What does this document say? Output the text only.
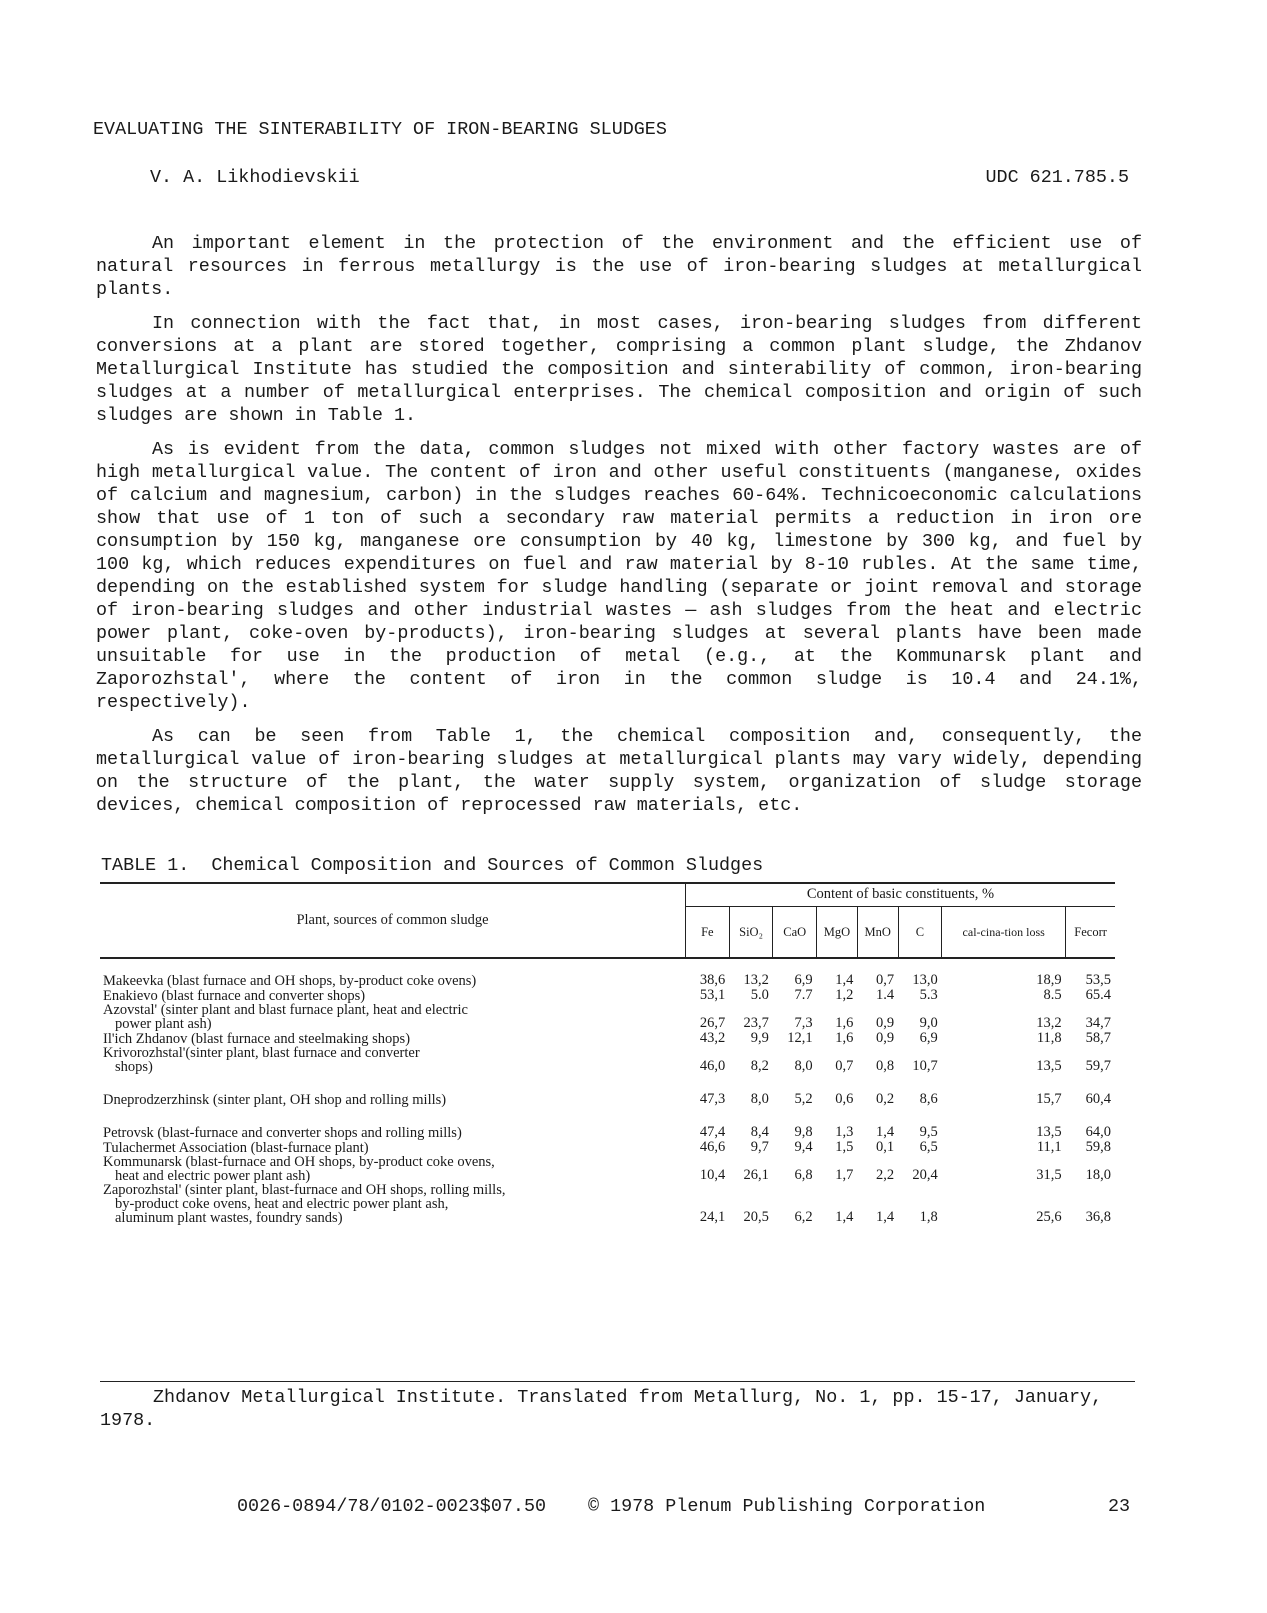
EVALUATING THE SINTERABILITY OF IRON-BEARING SLUDGES
V. A. Likhodievskii	UDC 621.785.5

An important element in the protection of the environment and the efficient use of natural resources in ferrous metallurgy is the use of iron-bearing sludges at metallurgical plants.

In connection with the fact that, in most cases, iron-bearing sludges from different conversions at a plant are stored together, comprising a common plant sludge, the Zhdanov Metallurgical Institute has studied the composition and sinterability of common, iron-bearing sludges at a number of metallurgical enterprises. The chemical composition and origin of such sludges are shown in Table 1.

As is evident from the data, common sludges not mixed with other factory wastes are of high metallurgical value. The content of iron and other useful constituents (manganese, oxides of calcium and magnesium, carbon) in the sludges reaches 60-64%. Technicoeconomic calculations show that use of 1 ton of such a secondary raw material permits a reduction in iron ore consumption by 150 kg, manganese ore consumption by 40 kg, limestone by 300 kg, and fuel by 100 kg, which reduces expenditures on fuel and raw material by 8-10 rubles. At the same time, depending on the established system for sludge handling (separate or joint removal and storage of iron-bearing sludges and other industrial wastes — ash sludges from the heat and electric power plant, coke-oven by-products), iron-bearing sludges at several plants have been made unsuitable for use in the production of metal (e.g., at the Kommunarsk plant and Zaporozhstal', where the content of iron in the common sludge is 10.4 and 24.1%, respectively).

As can be seen from Table 1, the chemical composition and, consequently, the metallurgical value of iron-bearing sludges at metallurgical plants may vary widely, depending on the structure of the plant, the water supply system, organization of sludge storage devices, chemical composition of reprocessed raw materials, etc.

TABLE 1.  Chemical Composition and Sources of Common Sludges
Plant, sources of common sludge	Content of basic constituents, %							
	Fe	SiO₂	CaO	MgO	MnO	C	cal-cina-tion loss	Fecorr

Makeevka (blast furnace and OH shops, by-product coke ovens)	38,6	13,2	6,9	1,4	0,7	13,0	18,9	53,5

Enakievo (blast furnace and converter shops)	53,1	5.0	7.7	1,2	1.4	5.3	8.5	65.4

Azovstal' (sinter plant and blast furnace plant, heat and electric
power plant ash)	26,7	23,7	7,3	1,6	0,9	9,0	13,2	34,7

Il'ich Zhdanov (blast furnace and steelmaking shops)	43,2	9,9	12,1	1,6	0,9	6,9	11,8	58,7

Krivorozhstal'(sinter plant, blast furnace and converter
shops)	46,0	8,2	8,0	0,7	0,8	10,7	13,5	59,7

Dneprodzerzhinsk (sinter plant, OH shop and rolling mills)	47,3	8,0	5,2	0,6	0,2	8,6	15,7	60,4

Petrovsk (blast-furnace and converter shops and rolling mills)	47,4	8,4	9,8	1,3	1,4	9,5	13,5	64,0

Tulachermet Association (blast-furnace plant)	46,6	9,7	9,4	1,5	0,1	6,5	11,1	59,8

Kommunarsk (blast-furnace and OH shops, by-product coke ovens,
heat and electric power plant ash)	10,4	26,1	6,8	1,7	2,2	20,4	31,5	18,0

Zaporozhstal' (sinter plant, blast-furnace and OH shops, rolling mills,
by-product coke ovens, heat and electric power plant ash,
aluminum plant wastes, foundry sands)	24,1	20,5	6,2	1,4	1,4	1,8	25,6	36,8
Zhdanov Metallurgical Institute. Translated from Metallurg, No. 1, pp. 15-17, January, 1978.
0026-0894/78/0102-0023$07.50 © 1978 Plenum Publishing Corporation	23
